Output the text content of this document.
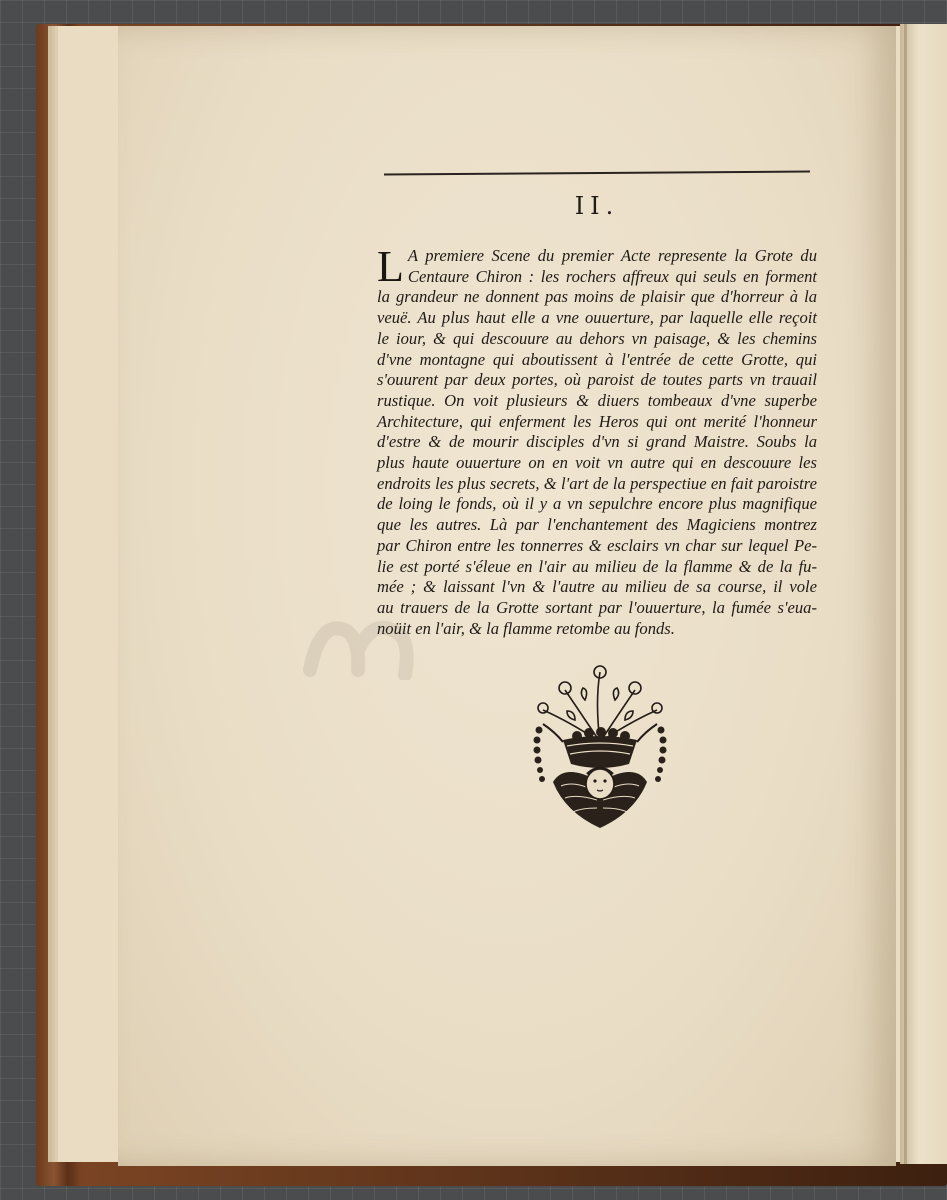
II.
L A premiere Scene du premier Acte represente la Grote du
Centaure Chiron : les rochers affreux qui seuls en forment
la grandeur ne donnent pas moins de plaisir que d'horreur à la
veuë. Au plus haut elle a vne ouuerture, par laquelle elle reçoit
le iour, & qui descouure au dehors vn paisage, & les chemins
d'vne montagne qui aboutissent à l'entrée de cette Grotte, qui
s'ouurent par deux portes, où paroist de toutes parts vn trauail
rustique. On voit plusieurs & diuers tombeaux d'vne superbe
Architecture, qui enferment les Heros qui ont merité l'honneur
d'estre & de mourir disciples d'vn si grand Maistre. Soubs la
plus haute ouuerture on en voit vn autre qui en descouure les
endroits les plus secrets, & l'art de la perspectiue en fait paroistre
de loing le fonds, où il y a vn sepulchre encore plus magnifique
que les autres. Là par l'enchantement des Magiciens montrez
par Chiron entre les tonnerres & esclairs vn char sur lequel Pe-
lie est porté s'éleue en l'air au milieu de la flamme & de la fu-
mée ; & laissant l'vn & l'autre au milieu de sa course, il vole
au trauers de la Grotte sortant par l'ouuerture, la fumée s'eua-
noüit en l'air, & la flamme retombe au fonds.
